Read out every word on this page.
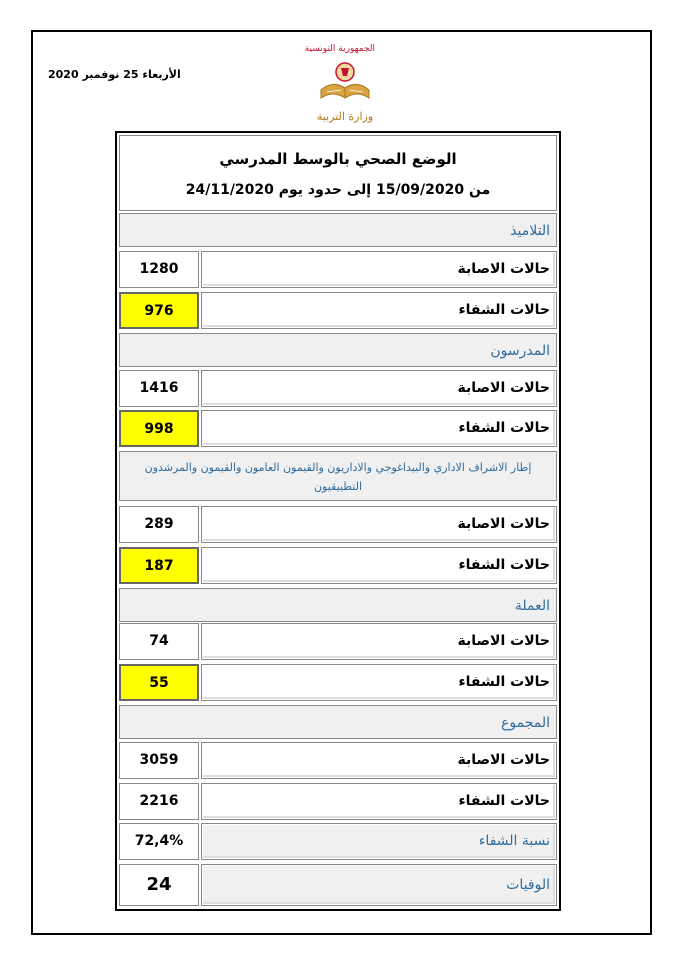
الأربعاء 25 نوفمبر 2020
الجمهورية التونسية
وزارة التربية
الوضع الصحي بالوسط المدرسي
من 15/09/2020 إلى حدود يوم 24/11/2020
التلاميذ
حالات الاصابة
1280
حالات الشفاء
976
المدرسون
حالات الاصابة
1416
حالات الشفاء
998
إطار الاشراف الاداري والبيداغوجي والاداريون والقيمون العامون والقيمون والمرشدون التطبيقيون
حالات الاصابة
289
حالات الشفاء
187
العملة
حالات الاصابة
74
حالات الشفاء
55
المجموع
حالات الاصابة
3059
حالات الشفاء
2216
نسبة الشفاء
72,4%
الوفيات
24
